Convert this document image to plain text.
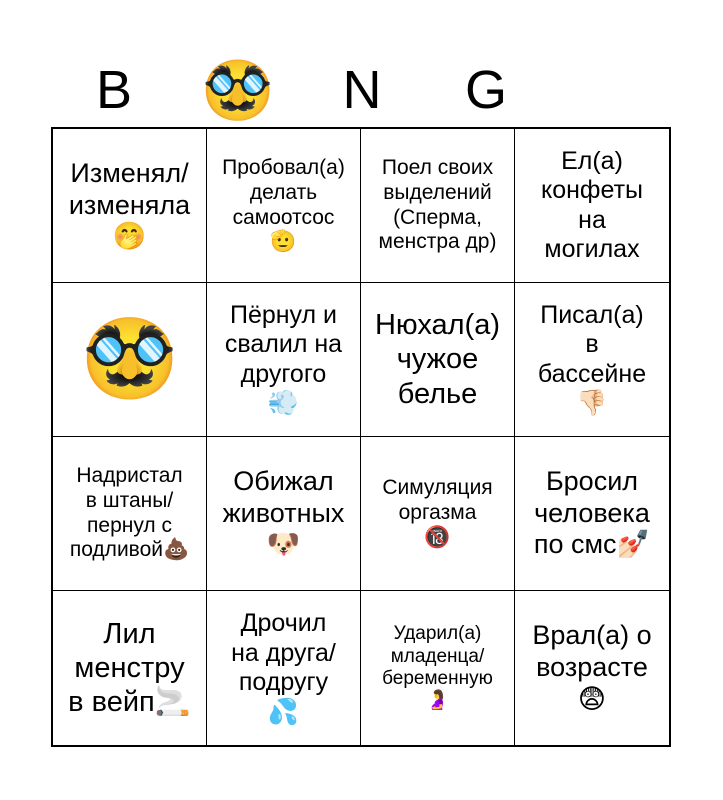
B	🥸	N	G
Изменял/
изменяла
🤭
Пробовал(а)
делать
самоотсос
🫡
Поел своих
выделений
(Сперма,
менстра др)
Ел(а)
конфеты
на
могилах
🥸 Пёрнул и
свалил на
другого
💨
Нюхал(а)
чужое
белье
Писал(а)
в
бассейне
👎🏻
Надристал
в штаны/
пернул с
подливой💩
Обижал
животных
🐶
Симуляция
оргазма
🔞
Бросил
человека
по смс💅🏻
Лил
менстру
в вейп🚬
Дрочил
на друга/
подругу
💦
Ударил(а)
младенца/
беременную
🤰
Врал(а) о
возрасте
😨
